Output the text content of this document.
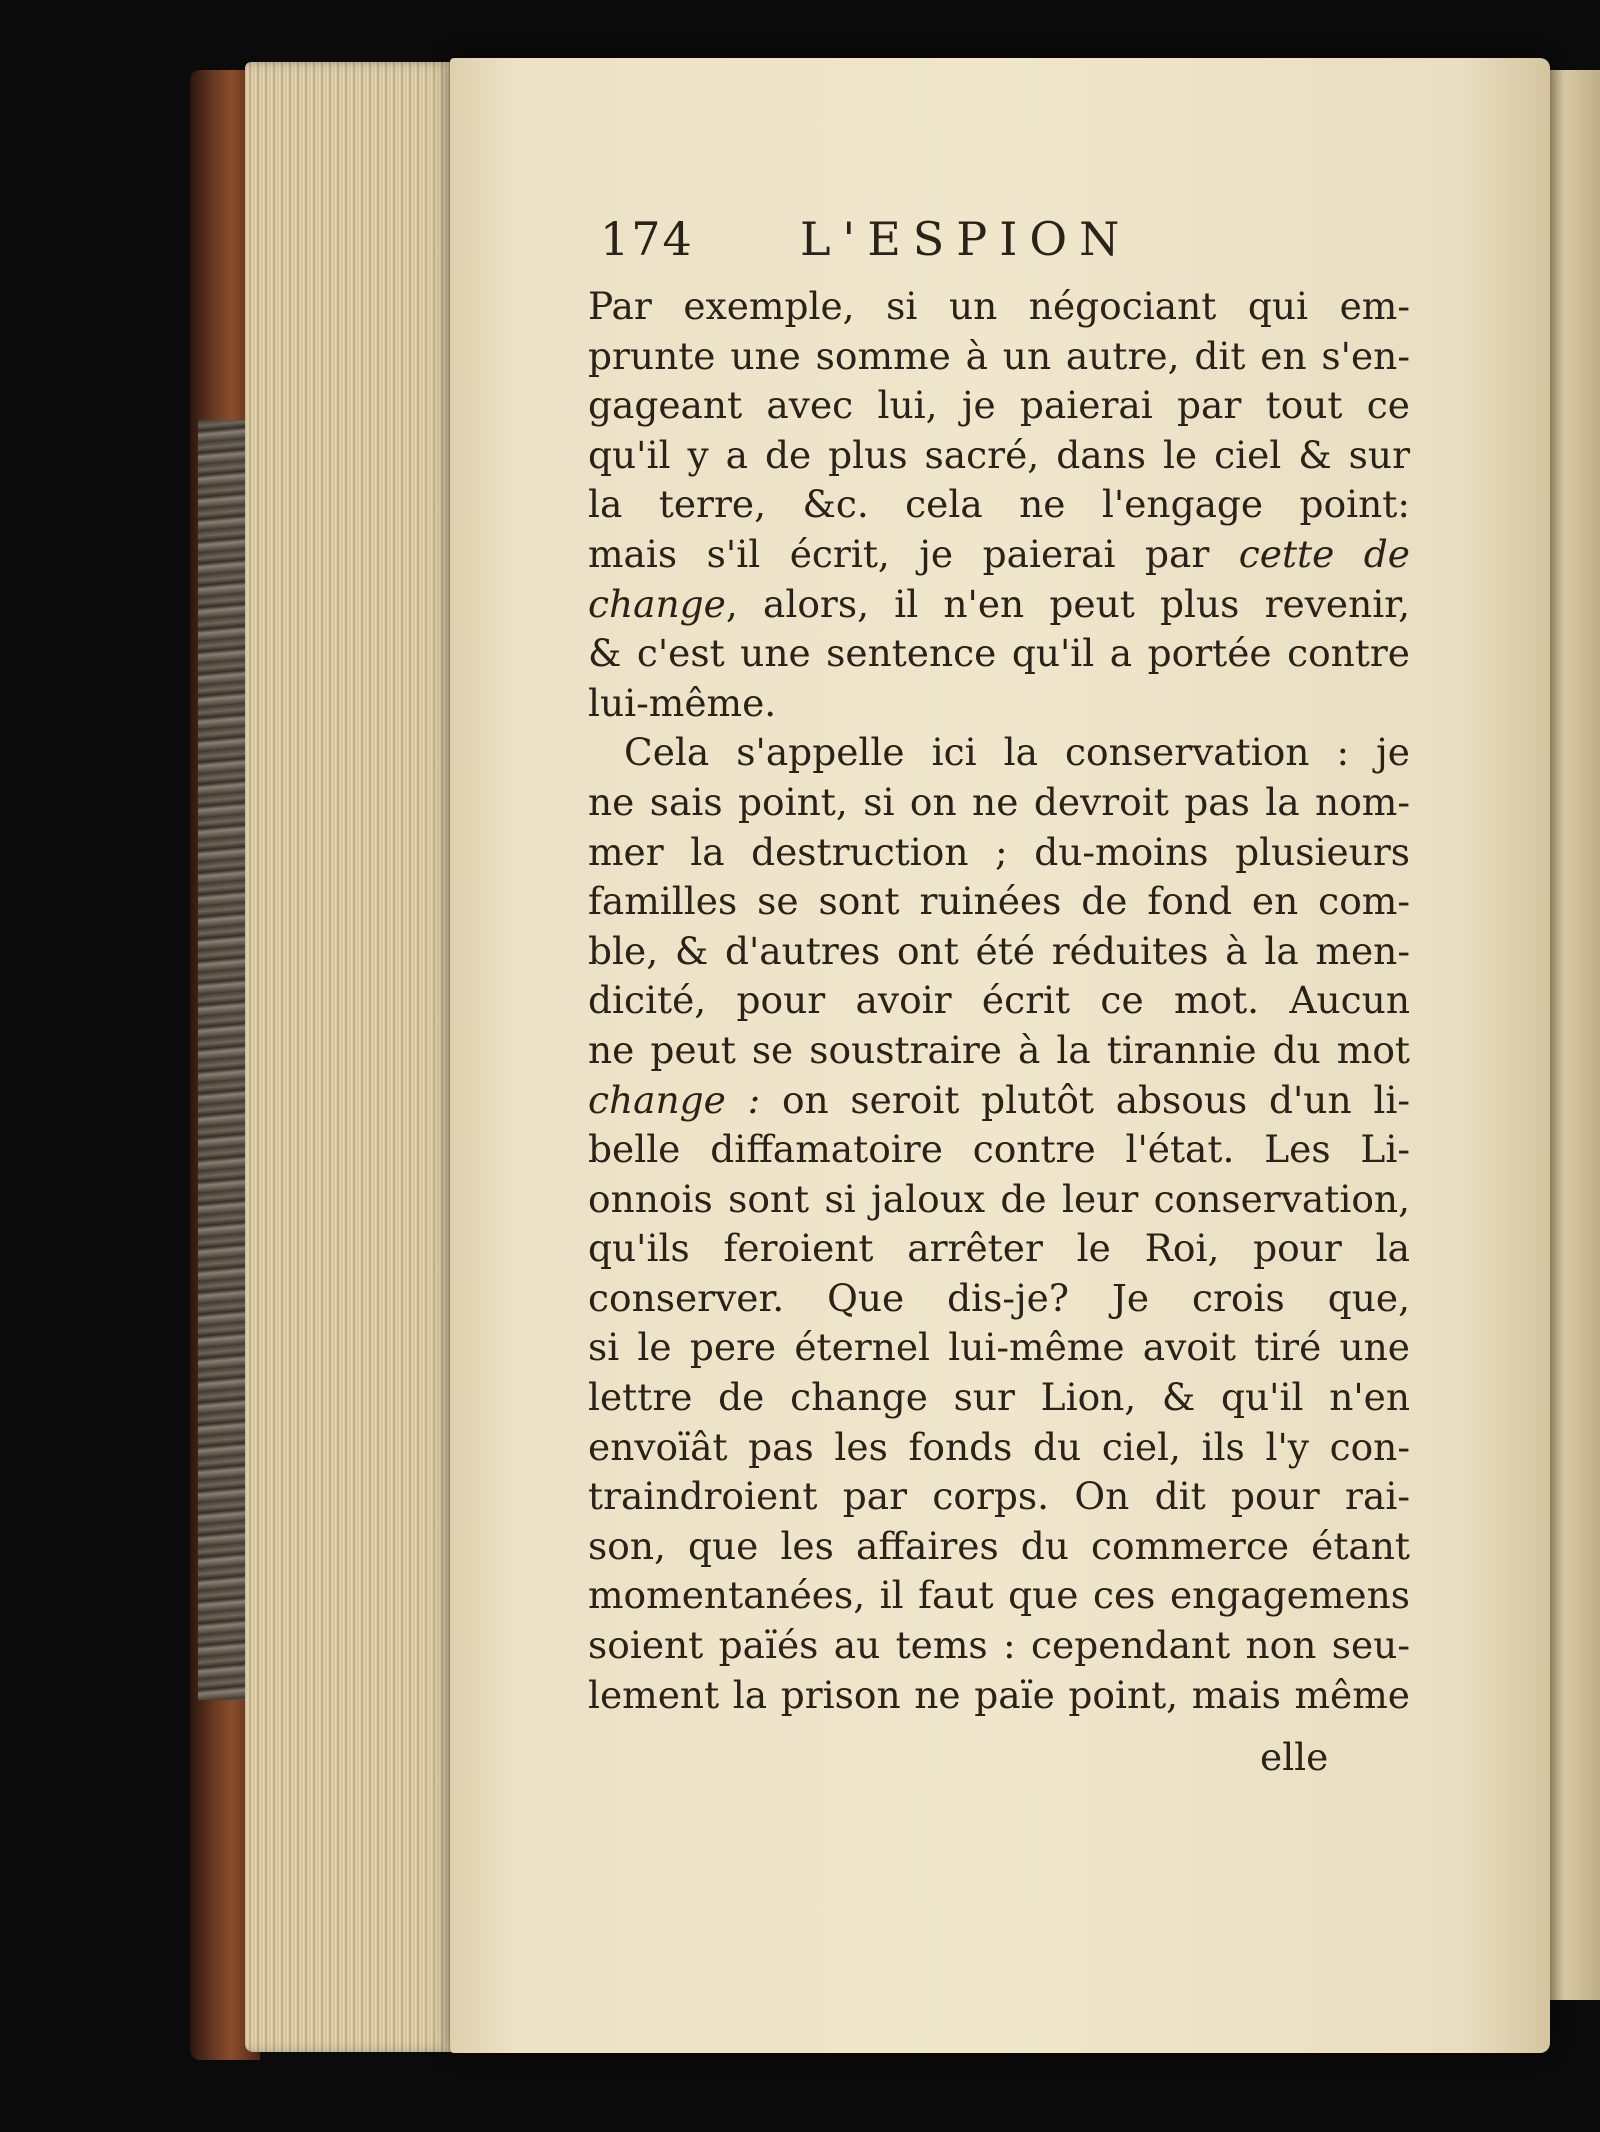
174 L'ESPION
Par exemple, si un négociant qui em-
prunte une somme à un autre, dit en s'en-
gageant avec lui, je paierai par tout ce
qu'il y a de plus sacré, dans le ciel & sur
la terre, &c. cela ne l'engage point:
mais s'il écrit, je paierai par cette de
change, alors, il n'en peut plus revenir,
& c'est une sentence qu'il a portée contre
lui-même.
Cela s'appelle ici la conservation : je
ne sais point, si on ne devroit pas la nom-
mer la destruction ; du-moins plusieurs
familles se sont ruinées de fond en com-
ble, & d'autres ont été réduites à la men-
dicité, pour avoir écrit ce mot. Aucun
ne peut se soustraire à la tirannie du mot
change : on seroit plutôt absous d'un li-
belle diffamatoire contre l'état. Les Li-
onnois sont si jaloux de leur conservation,
qu'ils feroient arrêter le Roi, pour la
conserver. Que dis-je? Je crois que,
si le pere éternel lui-même avoit tiré une
lettre de change sur Lion, & qu'il n'en
envoïât pas les fonds du ciel, ils l'y con-
traindroient par corps. On dit pour rai-
son, que les affaires du commerce étant
momentanées, il faut que ces engagemens
soient païés au tems : cependant non seu-
lement la prison ne païe point, mais même
elle
